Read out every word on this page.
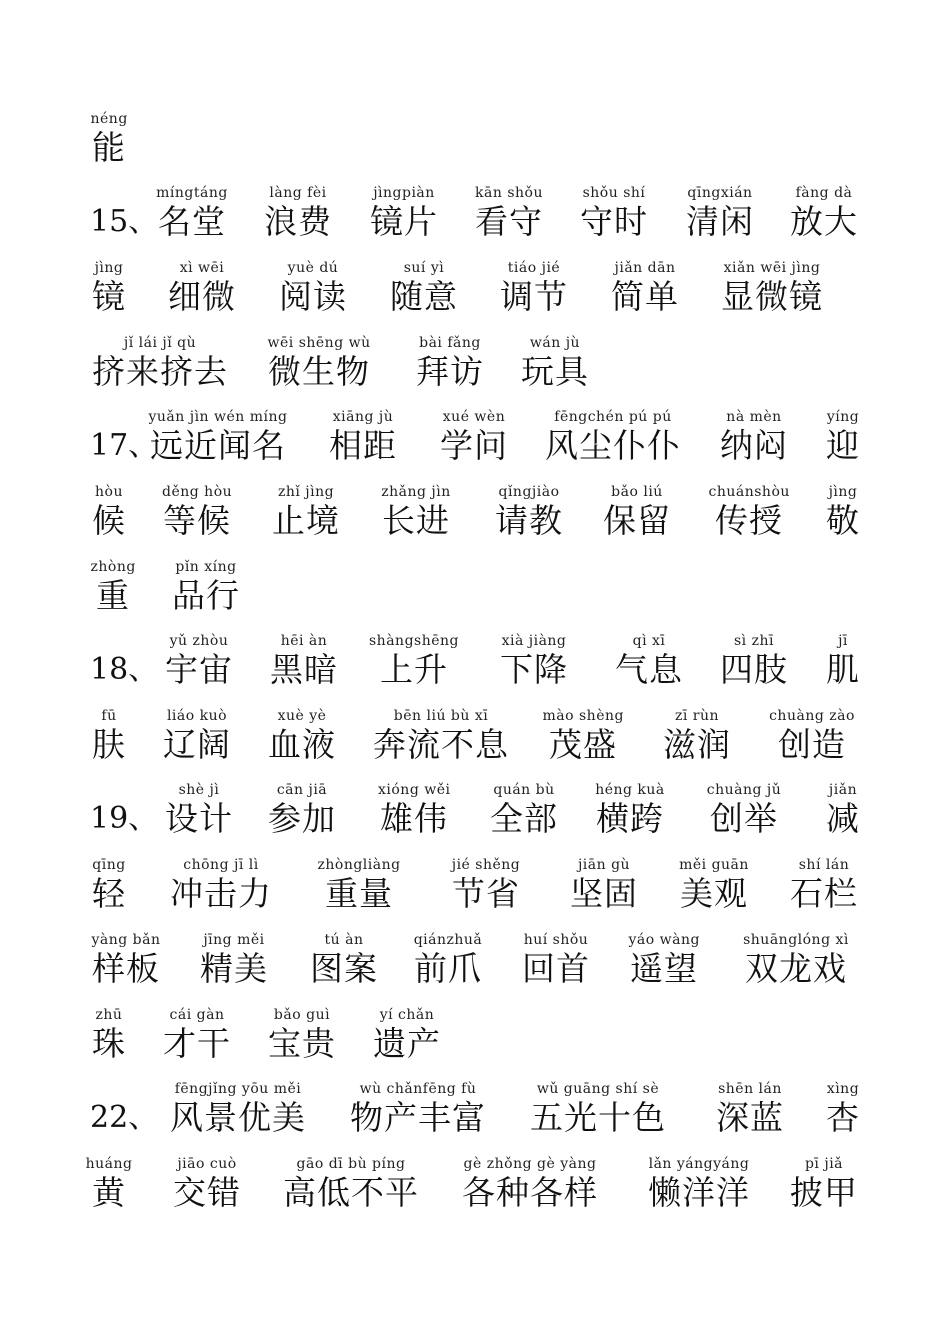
néng
能
15、
míngtáng
名堂
làng fèi
浪费
jìngpiàn
镜片
kān shǒu
看守
shǒu shí
守时
qīngxián
清闲
fàng dà
放大
jìng
镜
xì wēi
细微
yuè dú
阅读
suí yì
随意
tiáo jié
调节
jiǎn dān
简单
xiǎn wēi jìng
显微镜
jǐ lái jǐ qù
挤来挤去
wēi shēng wù
微生物
bài fǎng
拜访
wán jù
玩具
17、
yuǎn jìn wén míng
远近闻名
xiāng jù
相距
xué wèn
学问
fēngchén pú pú
风尘仆仆
nà mèn
纳闷
yíng
迎
hòu
候
děng hòu
等候
zhǐ jìng
止境
zhǎng jìn
长进
qǐngjiào
请教
bǎo liú
保留
chuánshòu
传授
jìng
敬
zhòng
重
pǐn xíng
品行
18、
yǔ zhòu
宇宙
hēi àn
黑暗
shàngshēng
上升
xià jiàng
下降
qì xī
气息
sì zhī
四肢
jī
肌
fū
肤
liáo kuò
辽阔
xuè yè
血液
bēn liú bù xī
奔流不息
mào shèng
茂盛
zī rùn
滋润
chuàng zào
创造
19、
shè jì
设计
cān jiā
参加
xióng wěi
雄伟
quán bù
全部
héng kuà
横跨
chuàng jǔ
创举
jiǎn
减
qīng
轻
chōng jī lì
冲击力
zhòngliàng
重量
jié shěng
节省
jiān gù
坚固
měi guān
美观
shí lán
石栏
yàng bǎn
样板
jīng měi
精美
tú àn
图案
qiánzhuǎ
前爪
huí shǒu
回首
yáo wàng
遥望
shuānglóng xì
双龙戏
zhū
珠
cái gàn
才干
bǎo guì
宝贵
yí chǎn
遗产
22、
fēngjǐng yōu měi
风景优美
wù chǎnfēng fù
物产丰富
wǔ guāng shí sè
五光十色
shēn lán
深蓝
xìng
杏
huáng
黄
jiāo cuò
交错
gāo dī bù píng
高低不平
gè zhǒng gè yàng
各种各样
lǎn yángyáng
懒洋洋
pī jiǎ
披甲
